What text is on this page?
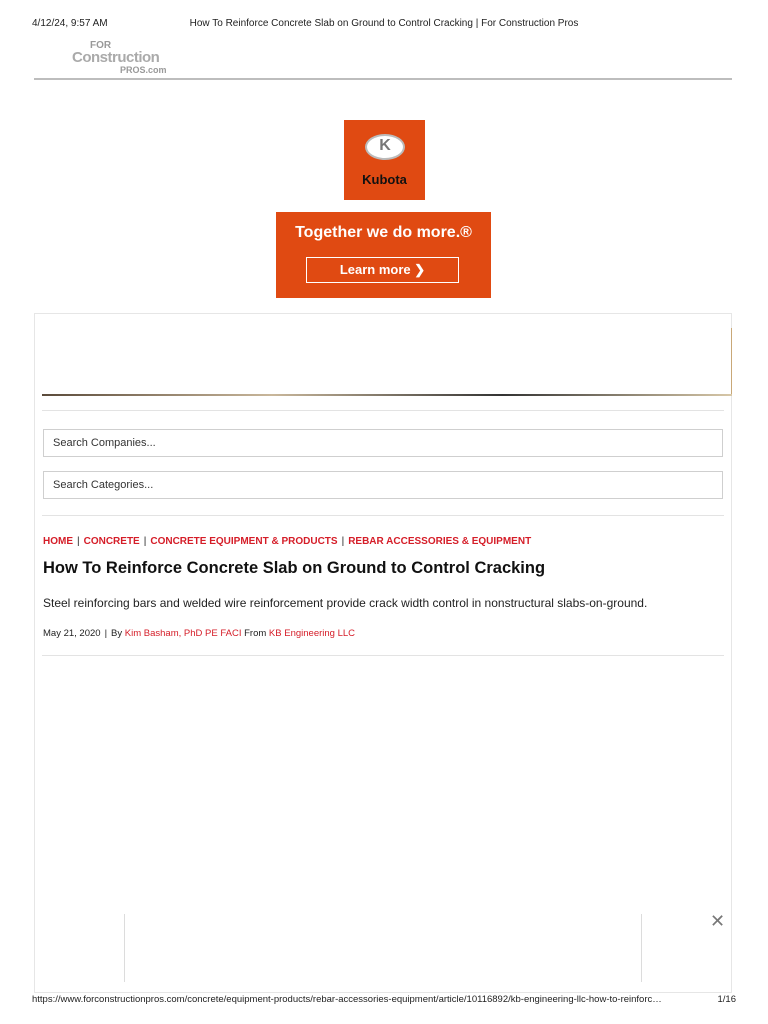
4/12/24, 9:57 AM	How To Reinforce Concrete Slab on Ground to Control Cracking | For Construction Pros
FOR
Construction
PROS.com
K
Kubota
Together we do more.®
Learn more ❯
Search Companies...
Search Categories...
HOME | CONCRETE | CONCRETE EQUIPMENT & PRODUCTS | REBAR ACCESSORIES & EQUIPMENT
How To Reinforce Concrete Slab on Ground to Control Cracking
Steel reinforcing bars and welded wire reinforcement provide crack width control in nonstructural slabs-on-ground.
May 21, 2020 | By Kim Basham, PhD PE FACI From KB Engineering LLC
✕
https://www.forconstructionpros.com/concrete/equipment-products/rebar-accessories-equipment/article/10116892/kb-engineering-llc-how-to-reinforc…	1/16
